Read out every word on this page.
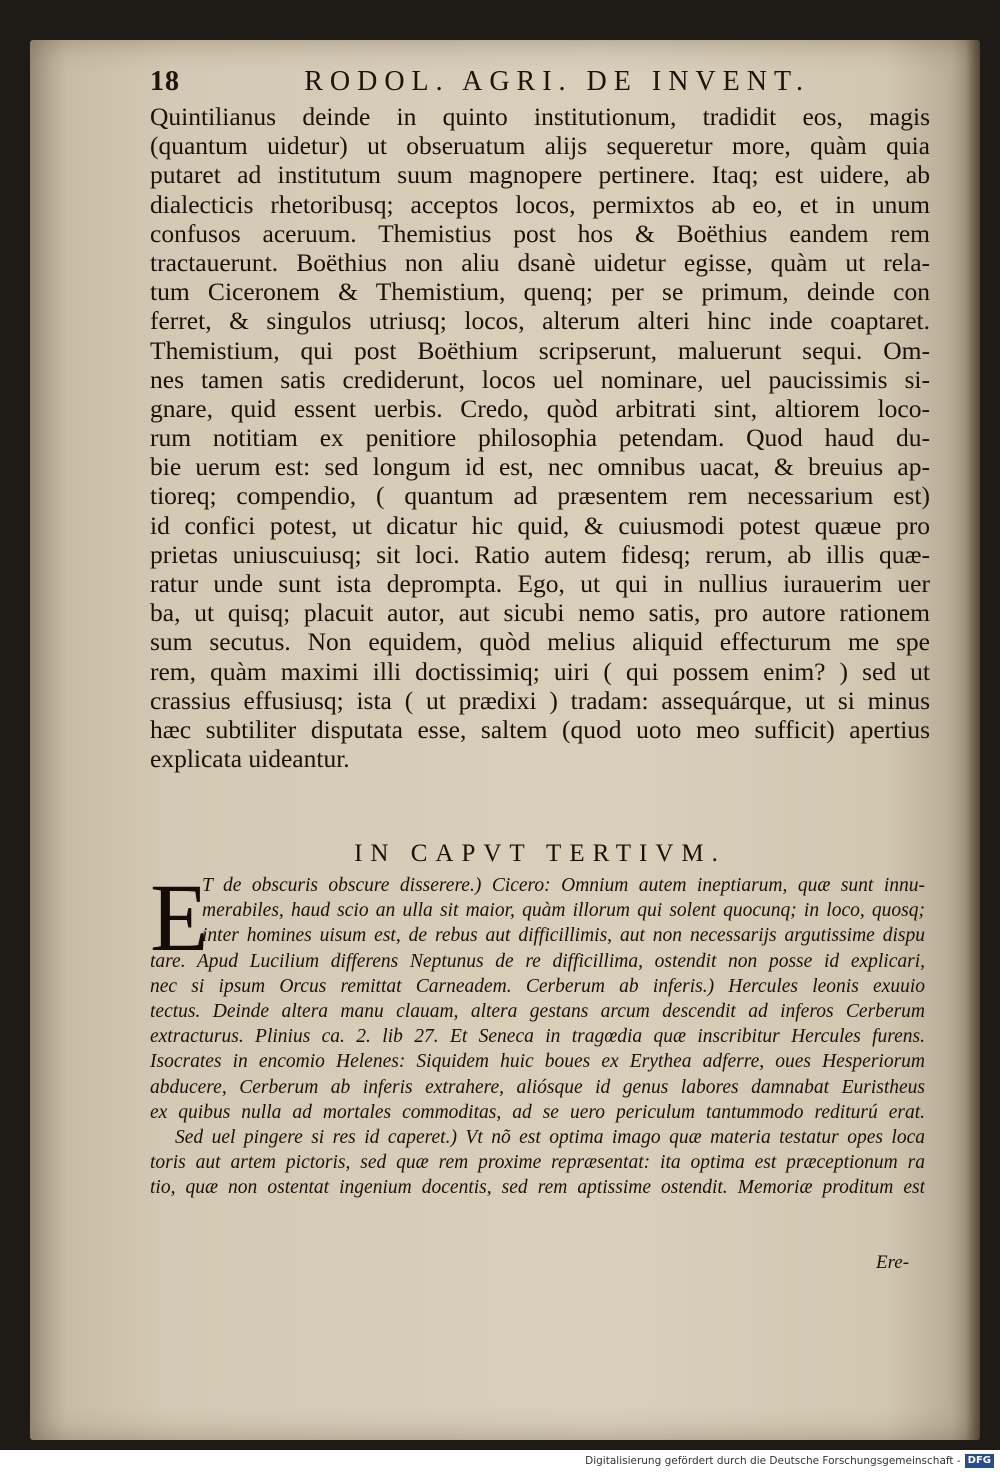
18	RODOL. AGRI. DE INVENT.
Quintilianus deinde in quinto institutionum, tradidit eos, magis
(quantum uidetur) ut obseruatum alijs sequeretur more, quàm quia
putaret ad institutum suum magnopere pertinere. Itaq; est uidere, ab
dialecticis rhetoribusq; acceptos locos, permixtos ab eo, et in unum
confusos aceruum. Themistius post hos & Boëthius eandem rem
tractauerunt. Boëthius non aliu dsanè uidetur egisse, quàm ut rela-
tum Ciceronem & Themistium, quenq; per se primum, deinde con
ferret, & singulos utriusq; locos, alterum alteri hinc inde coaptaret.
Themistium, qui post Boëthium scripserunt, maluerunt sequi. Om-
nes tamen satis crediderunt, locos uel nominare, uel paucissimis si-
gnare, quid essent uerbis. Credo, quòd arbitrati sint, altiorem loco-
rum notitiam ex penitiore philosophia petendam. Quod haud du-
bie uerum est: sed longum id est, nec omnibus uacat, & breuius ap-
tioreq; compendio, ( quantum ad præsentem rem necessarium est)
id confici potest, ut dicatur hic quid, & cuiusmodi potest quæue pro
prietas uniuscuiusq; sit loci. Ratio autem fidesq; rerum, ab illis quæ-
ratur unde sunt ista deprompta. Ego, ut qui in nullius iurauerim uer
ba, ut quisq; placuit autor, aut sicubi nemo satis, pro autore rationem
sum secutus. Non equidem, quòd melius aliquid effecturum me spe
rem, quàm maximi illi doctissimiq; uiri ( qui possem enim? ) sed ut
crassius effusiusq; ista ( ut prædixi ) tradam: assequárque, ut si minus
hæc subtiliter disputata esse, saltem (quod uoto meo sufficit) apertius
explicata uideantur.
IN CAPVT TERTIVM.
E
T de obscuris obscure disserere.) Cicero: Omnium autem ineptiarum, quæ sunt innu-
merabiles, haud scio an ulla sit maior, quàm illorum qui solent quocunq; in loco, quosq;
inter homines uisum est, de rebus aut difficillimis, aut non necessarijs argutissime dispu
tare. Apud Lucilium differens Neptunus de re difficillima, ostendit non posse id explicari,
nec si ipsum Orcus remittat Carneadem. Cerberum ab inferis.) Hercules leonis exuuio
tectus. Deinde altera manu clauam, altera gestans arcum descendit ad inferos Cerberum
extracturus. Plinius ca. 2. lib 27. Et Seneca in tragœdia quæ inscribitur Hercules furens.
Isocrates in encomio Helenes: Siquidem huic boues ex Erythea adferre, oues Hesperiorum
abducere, Cerberum ab inferis extrahere, aliósque id genus labores damnabat Euristheus
ex quibus nulla ad mortales commoditas, ad se uero periculum tantummodo rediturú erat.
Sed uel pingere si res id caperet.) Vt nõ est optima imago quæ materia testatur opes loca
toris aut artem pictoris, sed quæ rem proxime repræsentat: ita optima est præceptionum ra
tio, quæ non ostentat ingenium docentis, sed rem aptissime ostendit. Memoriæ proditum est
Ere-
Digitalisierung gefördert durch die Deutsche Forschungsgemeinschaft - DFG
